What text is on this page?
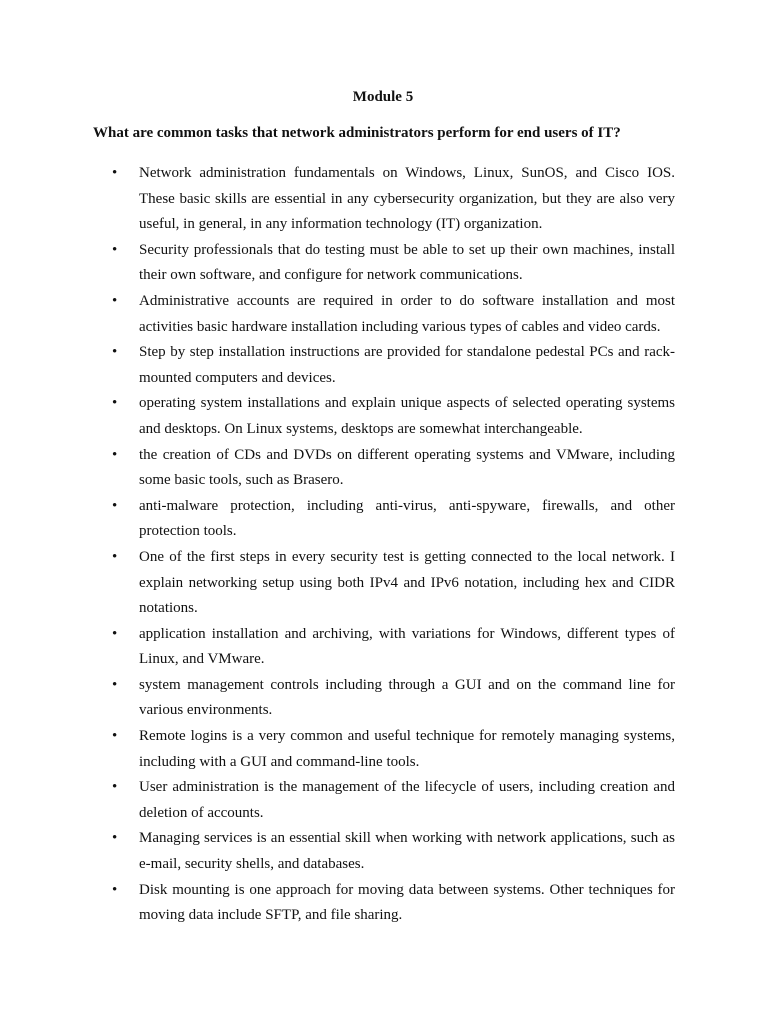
Module 5
What are common tasks that network administrators perform for end users of IT?
• Network administration fundamentals on Windows, Linux, SunOS, and Cisco IOS. These basic skills are essential in any cybersecurity organization, but they are also very useful, in general, in any information technology (IT) organization.
• Security professionals that do testing must be able to set up their own machines, install their own software, and configure for network communications.
• Administrative accounts are required in order to do software installation and most activities basic hardware installation including various types of cables and video cards.
• Step by step installation instructions are provided for standalone pedestal PCs and rack-mounted computers and devices.
• operating system installations and explain unique aspects of selected operating systems and desktops. On Linux systems, desktops are somewhat interchangeable.
• the creation of CDs and DVDs on different operating systems and VMware, including some basic tools, such as Brasero.
• anti-malware protection, including anti-virus, anti-spyware, firewalls, and other protection tools.
• One of the first steps in every security test is getting connected to the local network. I explain networking setup using both IPv4 and IPv6 notation, including hex and CIDR notations.
• application installation and archiving, with variations for Windows, different types of Linux, and VMware.
• system management controls including through a GUI and on the command line for various environments.
• Remote logins is a very common and useful technique for remotely managing systems, including with a GUI and command-line tools.
• User administration is the management of the lifecycle of users, including creation and deletion of accounts.
• Managing services is an essential skill when working with network applications, such as e-mail, security shells, and databases.
• Disk mounting is one approach for moving data between systems. Other techniques for moving data include SFTP, and file sharing.
